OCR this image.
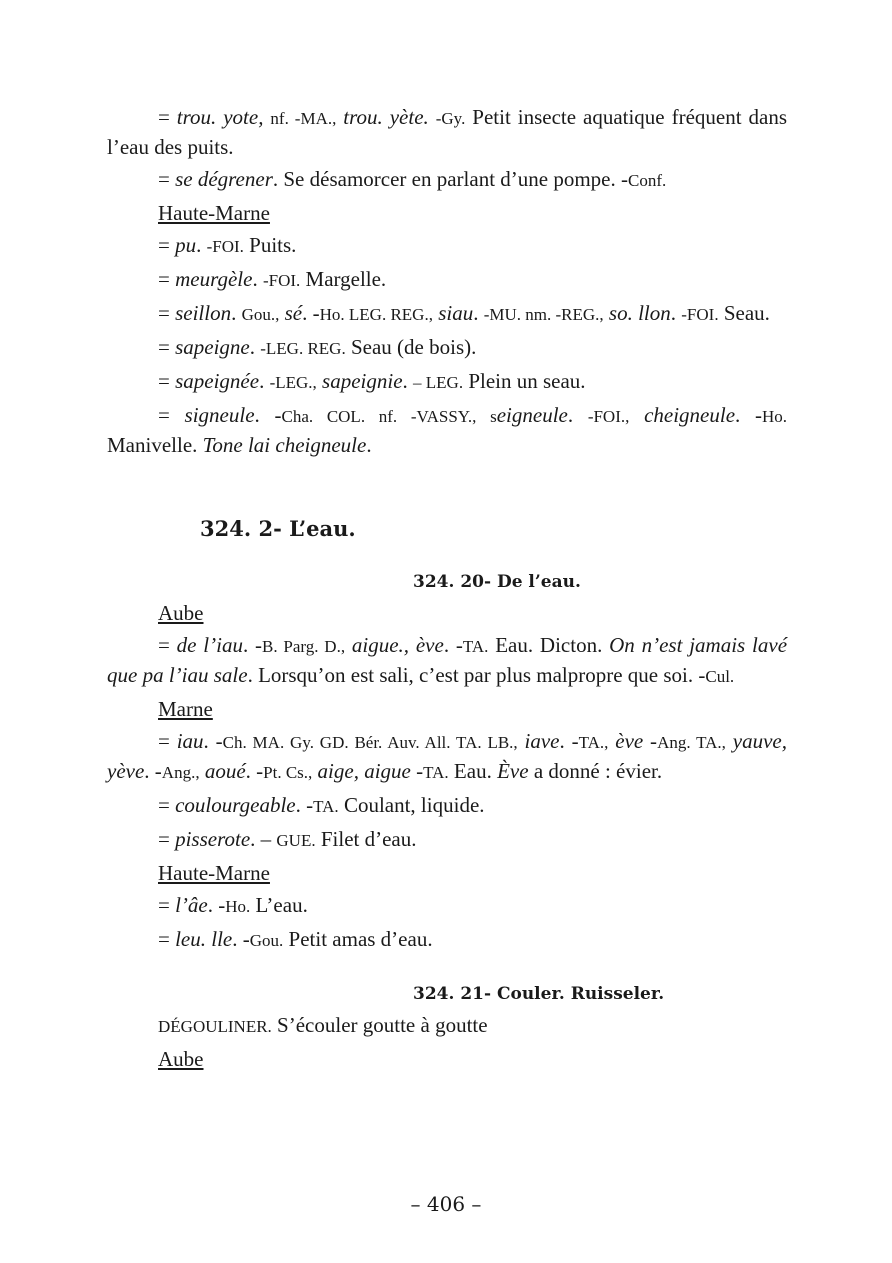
= trou. yote, nf. -MA., trou. yète. -Gy. Petit insecte aquatique fréquent dans l’eau des puits.

= se dégrener. Se désamorcer en parlant d’une pompe. -Conf.

Haute-Marne

= pu. -FOI. Puits.

= meurgèle. -FOI. Margelle.

= seillon. Gou., sé. -Ho. LEG. REG., siau. -MU. nm. -REG., so. llon. -FOI. Seau.

= sapeigne. -LEG. REG. Seau (de bois).

= sapeignée. -LEG., sapeignie. – LEG. Plein un seau.

= signeule. -Cha. COL. nf. -VASSY., seigneule. -FOI., cheigneule. -Ho. Manivelle. Tone lai cheigneule.

324. 2- L’eau.
324. 20- De l’eau.
Aube

= de l’iau. -B. Parg. D., aigue., ève. -TA. Eau. Dicton. On n’est jamais lavé que pa l’iau sale. Lorsqu’on est sali, c’est par plus malpropre que soi. -Cul.

Marne

= iau. -Ch. MA. Gy. GD. Bér. Auv. All. TA. LB., iave. -TA., ève -Ang. TA., yauve, yève. -Ang., aoué. -Pt. Cs., aige, aigue -TA. Eau. Ève a donné : évier.

= coulourgeable. -TA. Coulant, liquide.

= pisserote. – GUE. Filet d’eau.

Haute-Marne

= l’âe. -Ho. L’eau.

= leu. lle. -Gou. Petit amas d’eau.

324. 21- Couler. Ruisseler.
DÉGOULINER. S’écouler goutte à goutte
Aube
– 406 –
